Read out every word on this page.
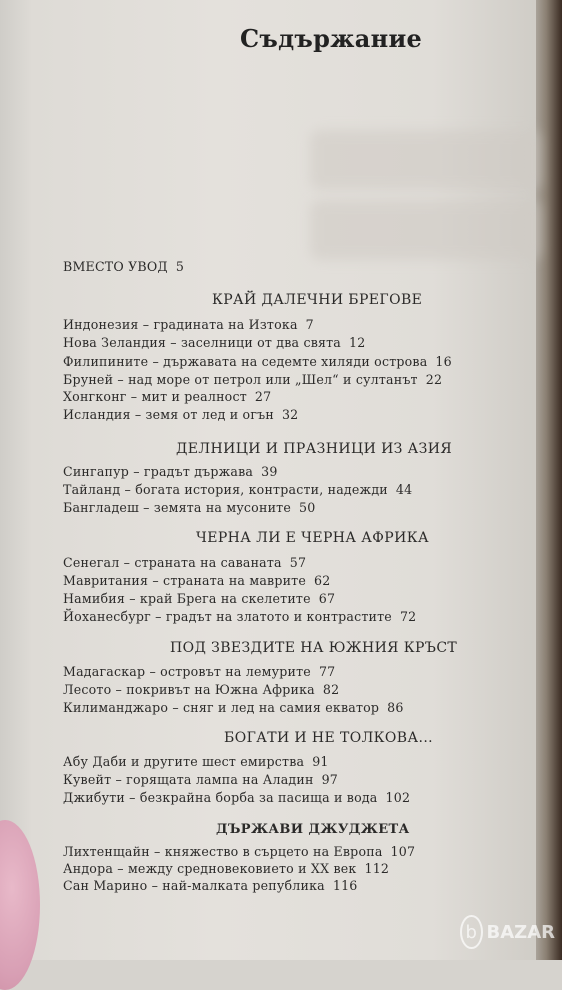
Съдържание
ВМЕСТО УВОД 5
КРАЙ ДАЛЕЧНИ БРЕГОВЕ
Индонезия – градината на Изтока 7
Нова Зеландия – заселници от два свята 12
Филипините – държавата на седемте хиляди острова 16
Бруней – над море от петрол или „Шел“ и султанът 22
Хонгконг – мит и реалност 27
Исландия – земя от лед и огън 32
ДЕЛНИЦИ И ПРАЗНИЦИ ИЗ АЗИЯ
Сингапур – градът държава 39
Тайланд – богата история, контрасти, надежди 44
Бангладеш – земята на мусоните 50
ЧЕРНА ЛИ Е ЧЕРНА АФРИКА
Сенегал – страната на саваната 57
Мавритания – страната на маврите 62
Намибия – край Брега на скелетите 67
Йоханесбург – градът на златото и контрастите 72
ПОД ЗВЕЗДИТЕ НА ЮЖНИЯ КРЪСТ
Мадагаскар – островът на лемурите 77
Лесото – покривът на Южна Африка 82
Килиманджаро – сняг и лед на самия екватор 86
БОГАТИ И НЕ ТОЛКОВА...
Абу Даби и другите шест емирства 91
Кувейт – горящата лампа на Аладин 97
Джибути – безкрайна борба за пасища и вода 102
ДЪРЖАВИ ДЖУДЖЕТА
Лихтенщайн – княжество в сърцето на Европа 107
Андора – между средновековието и XX век 112
Сан Марино – най-малката република 116
b BAZAR
